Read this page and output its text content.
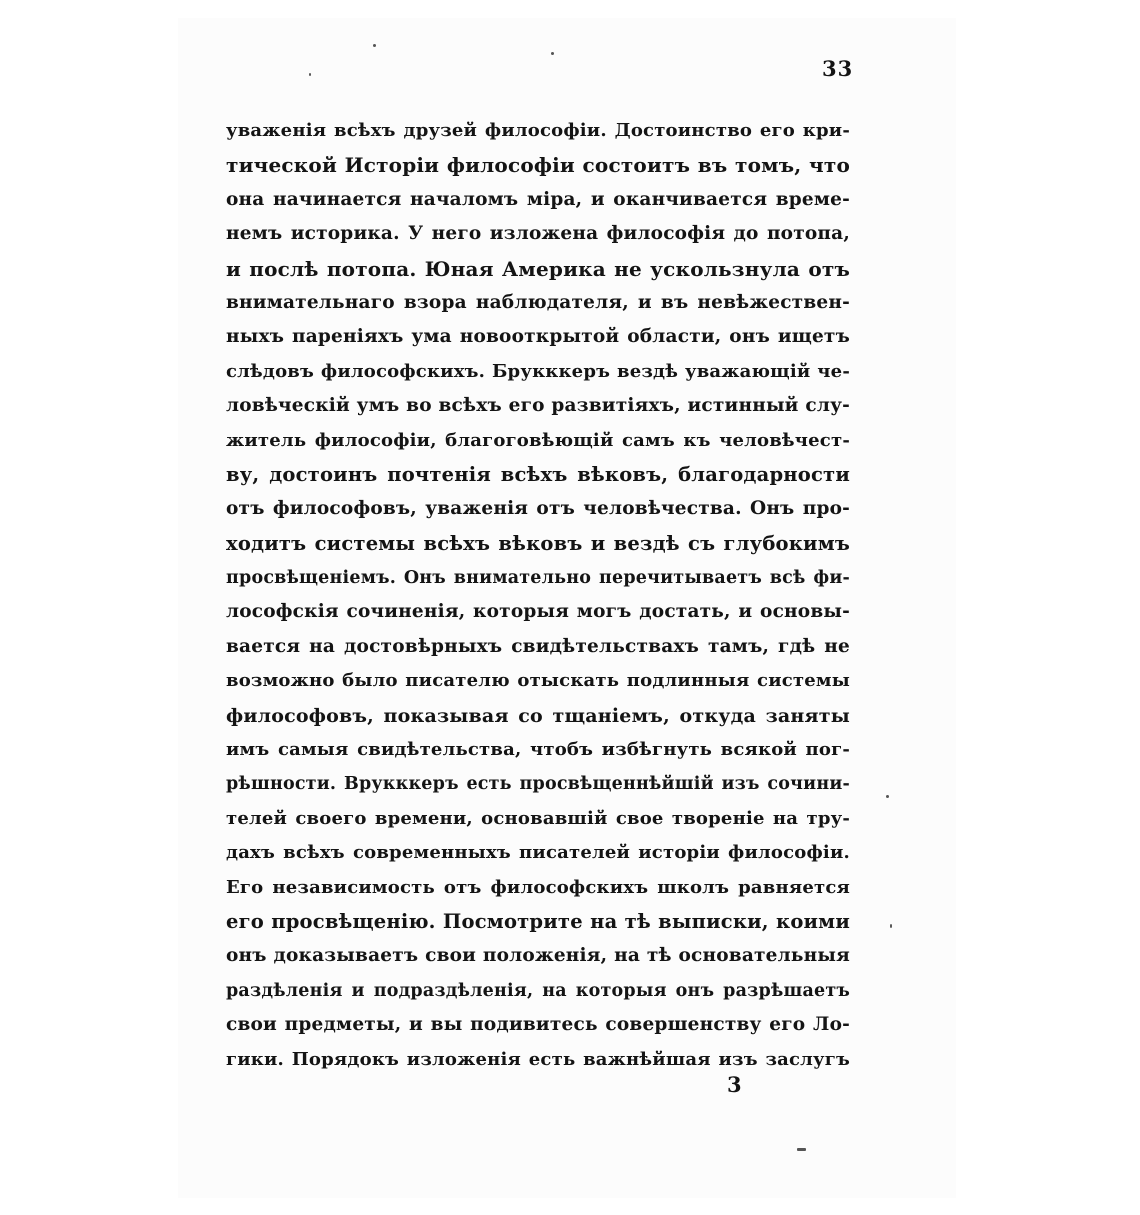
33
уваженія всѣхъ друзей философіи. Достоинство его кри-
тической Исторіи философіи состоитъ въ томъ, что
она начинается началомъ міра, и оканчивается време-
немъ историка. У него изложена философія до потопа,
и послѣ потопа. Юная Америка не ускользнула отъ
внимательнаго взора наблюдателя, и въ невѣжествен-
ныхъ пареніяхъ ума новооткрытой области, онъ ищетъ
слѣдовъ философскихъ. Брукккеръ вездѣ уважающій че-
ловѣческій умъ во всѣхъ его развитіяхъ, истинный слу-
житель философіи, благоговѣющій самъ къ человѣчест-
ву, достоинъ почтенія всѣхъ вѣковъ, благодарности
отъ философовъ, уваженія отъ человѣчества. Онъ про-
ходитъ системы всѣхъ вѣковъ и вездѣ съ глубокимъ
просвѣщеніемъ. Онъ внимательно перечитываетъ всѣ фи-
лософскія сочиненія, которыя могъ достать, и основы-
вается на достовѣрныхъ свидѣтельствахъ тамъ, гдѣ не
возможно было писателю отыскать подлинныя системы
философовъ, показывая со тщаніемъ, откуда заняты
имъ самыя свидѣтельства, чтобъ избѣгнуть всякой пог-
рѣшности. Врукккеръ есть просвѣщеннѣйшій изъ сочини-
телей своего времени, основавшій свое твореніе на тру-
дахъ всѣхъ современныхъ писателей исторіи философіи.
Его независимость отъ философскихъ школъ равняется
его просвѣщенію. Посмотрите на тѣ выписки, коими
онъ доказываетъ свои положенія, на тѣ основательныя
раздѣленія и подраздѣленія, на которыя онъ разрѣшаетъ
свои предметы, и вы подивитесь совершенству его Ло-
гики. Порядокъ изложенія есть важнѣйшая изъ заслугъ
3
